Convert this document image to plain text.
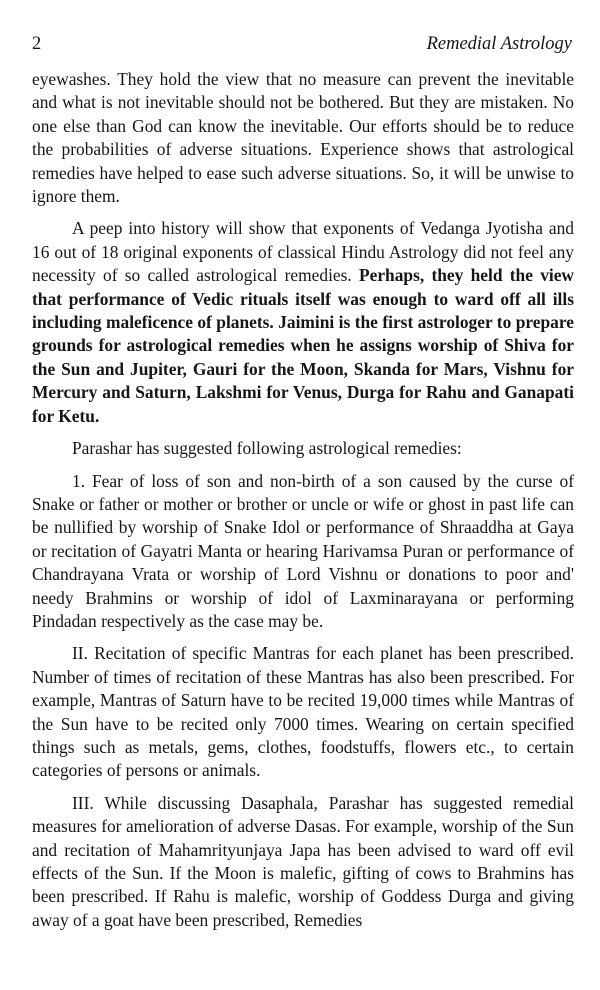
2	Remedial Astrology

eyewashes. They hold the view that no measure can prevent the inevitable and what is not inevitable should not be bothered. But they are mistaken. No one else than God can know the inevitable. Our efforts should be to reduce the probabilities of adverse situations. Experience shows that astrological remedies have helped to ease such adverse situations. So, it will be unwise to ignore them.

A peep into history will show that exponents of Vedanga Jyotisha and 16 out of 18 original exponents of classical Hindu Astrology did not feel any necessity of so called astrological remedies. Perhaps, they held the view that performance of Vedic rituals itself was enough to ward off all ills including maleficence of planets. Jaimini is the first astrologer to prepare grounds for astrological remedies when he assigns worship of Shiva for the Sun and Jupiter, Gauri for the Moon, Skanda for Mars, Vishnu for Mercury and Saturn, Lakshmi for Venus, Durga for Rahu and Ganapati for Ketu.

Parashar has suggested following astrological remedies:

1. Fear of loss of son and non-birth of a son caused by the curse of Snake or father or mother or brother or uncle or wife or ghost in past life can be nullified by worship of Snake Idol or performance of Shraaddha at Gaya or recitation of Gayatri Manta or hearing Harivamsa Puran or performance of Chandrayana Vrata or worship of Lord Vishnu or donations to poor and' needy Brahmins or worship of idol of Laxminarayana or performing Pindadan respectively as the case may be.

II. Recitation of specific Mantras for each planet has been prescribed. Number of times of recitation of these Mantras has also been prescribed. For example, Mantras of Saturn have to be recited 19,000 times while Mantras of the Sun have to be recited only 7000 times. Wearing on certain specified things such as metals, gems, clothes, foodstuffs, flowers etc., to certain categories of persons or animals.

III. While discussing Dasaphala, Parashar has suggested remedial measures for amelioration of adverse Dasas. For example, worship of the Sun and recitation of Mahamrityunjaya Japa has been advised to ward off evil effects of the Sun. If the Moon is malefic, gifting of cows to Brahmins has been prescribed. If Rahu is malefic, worship of Goddess Durga and giving away of a goat have been prescribed, Remedies
